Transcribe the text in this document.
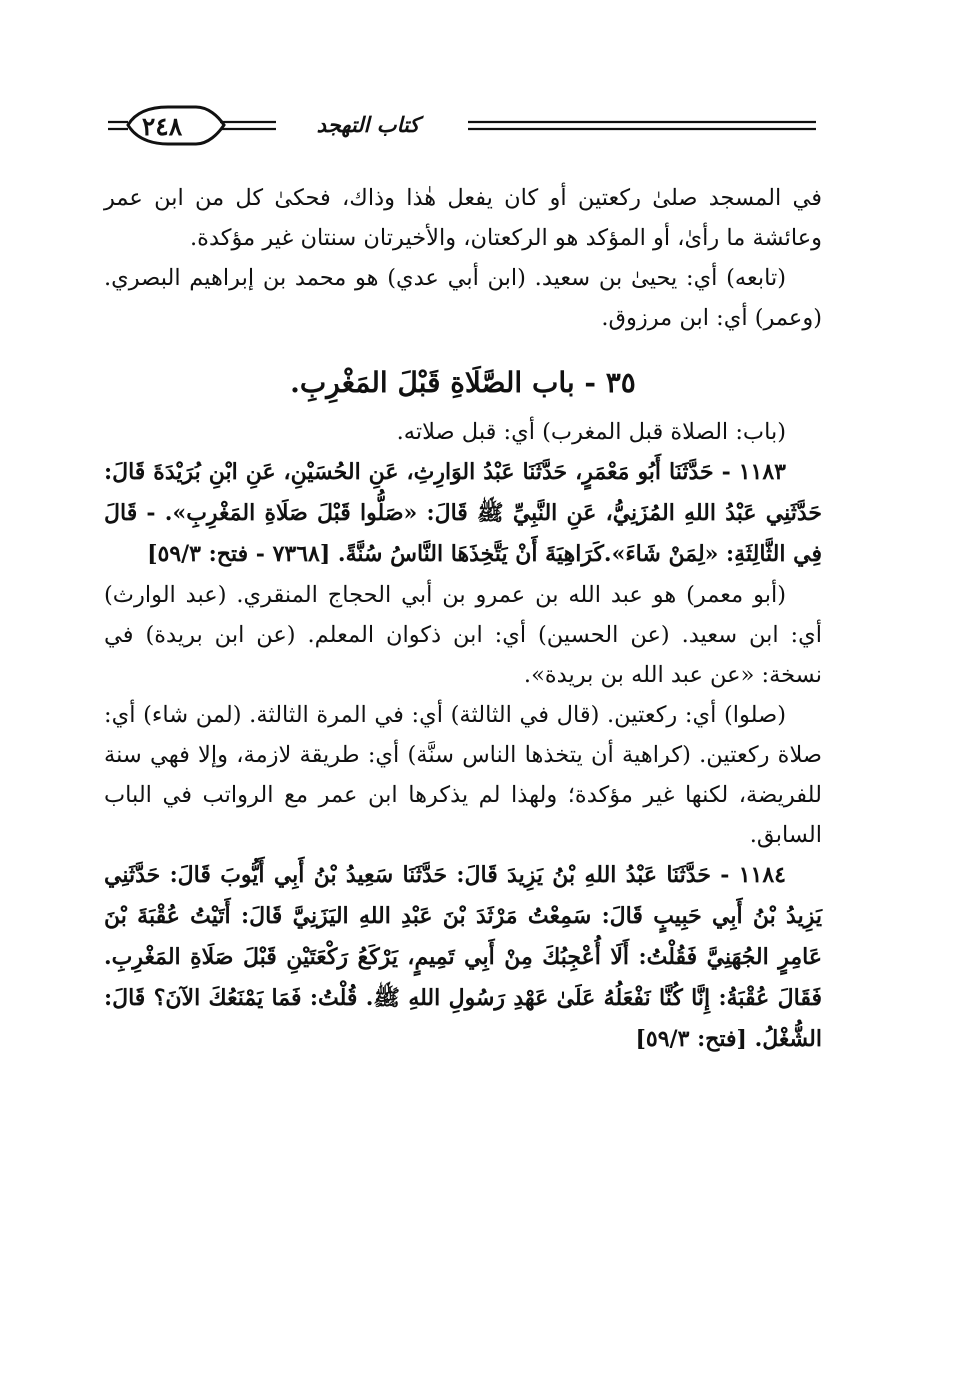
٢٤٨	كتاب التهجد

في المسجد صلىٰ ركعتين أو كان يفعل هٰذا وذاك، فحكىٰ كل من ابن عمر وعائشة ما رأىٰ، أو المؤكد هو الركعتان، والأخيرتان سنتان غير مؤكدة.

(تابعه) أي: يحيىٰ بن سعيد. (ابن أبي عدي) هو محمد بن إبراهيم البصري. (وعمر) أي: ابن مرزوق.

٣٥ - باب الصَّلَاةِ قَبْلَ المَغْرِبِ.

(باب: الصلاة قبل المغرب) أي: قبل صلاته.

١١٨٣ - حَدَّثَنَا أَبُو مَعْمَرٍ، حَدَّثَنَا عَبْدُ الوَارِثِ، عَنِ الحُسَيْنِ، عَنِ ابْنِ بُرَيْدَةَ قَالَ: حَدَّثَنِي عَبْدُ اللهِ المُزَنِيُّ، عَنِ النَّبِيِّ ﷺ قَالَ: «صَلُّوا قَبْلَ صَلَاةِ المَغْرِبِ». - قَالَ فِي الثَّالِثَةِ: «لِمَنْ شَاءَ».كَرَاهِيَةَ أَنْ يَتَّخِذَهَا النَّاسُ سُنَّةً. [٧٣٦٨ - فتح: ٥٩/٣]

(أبو معمر) هو عبد الله بن عمرو بن أبي الحجاج المنقري. (عبد الوارث) أي: ابن سعيد. (عن الحسين) أي: ابن ذكوان المعلم. (عن ابن بريدة) في نسخة: «عن عبد الله بن بريدة».

(صلوا) أي: ركعتين. (قال في الثالثة) أي: في المرة الثالثة. (لمن شاء) أي: صلاة ركعتين. (كراهية أن يتخذها الناس سنَّة) أي: طريقة لازمة، وإلا فهي سنة للفريضة، لكنها غير مؤكدة؛ ولهذا لم يذكرها ابن عمر مع الرواتب في الباب السابق.

١١٨٤ - حَدَّثَنَا عَبْدُ اللهِ بْنُ يَزِيدَ قَالَ: حَدَّثَنَا سَعِيدُ بْنُ أَبِي أَيُّوبَ قَالَ: حَدَّثَنِي يَزِيدُ بْنُ أَبِي حَبِيبٍ قَالَ: سَمِعْتُ مَرْثَدَ بْنَ عَبْدِ اللهِ اليَزَنِيَّ قَالَ: أَتَيْتُ عُقْبَةَ بْنَ عَامِرٍ الجُهَنِيَّ فَقُلْتُ: أَلَا أُعْجِبُكَ مِنْ أَبِي تَمِيمٍ، يَرْكَعُ رَكْعَتَيْنِ قَبْلَ صَلَاةِ المَغْرِبِ. فَقَالَ عُقْبَةُ: إِنَّا كُنَّا نَفْعَلُهُ عَلَىٰ عَهْدِ رَسُولِ اللهِ ﷺ. قُلْتُ: فَمَا يَمْنَعُكَ الآنَ؟ قَالَ: الشُّغْلُ. [فتح: ٥٩/٣]
